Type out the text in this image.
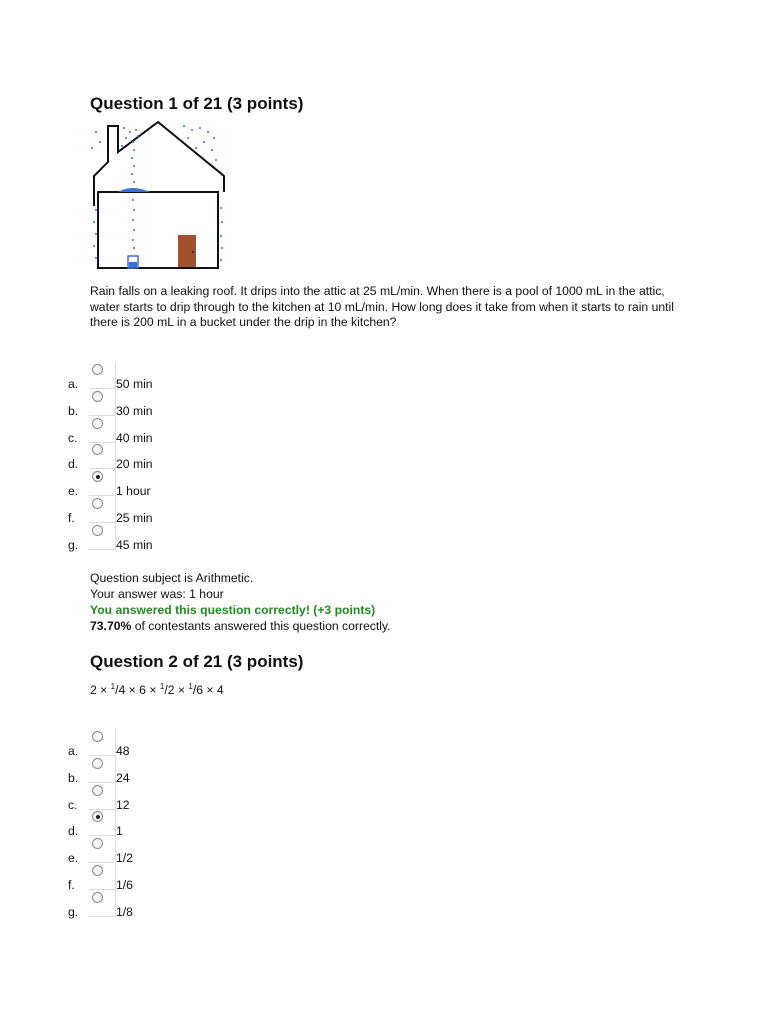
Question 1 of 21 (3 points)

Rain falls on a leaking roof. It drips into the attic at 25 mL/min. When there is a pool of 1000 mL in the attic, water starts to drip through to the kitchen at 10 mL/min. How long does it take from when it starts to rain until there is 200 mL in a bucket under the drip in the kitchen?

a.	50 min
b.	30 min
c.	40 min
d.	20 min
e.	1 hour
f.	25 min
g.	45 min
Question subject is Arithmetic.
Your answer was: 1 hour
You answered this question correctly! (+3 points)
73.70% of contestants answered this question correctly.
Question 2 of 21 (3 points)
2 × $^1$/4 × 6 × $^1$/2 × $^1$/6 × 4
a.	48
b.	24
c.	12
d.	1
e.	1/2
f.	1/6
g.	1/8
